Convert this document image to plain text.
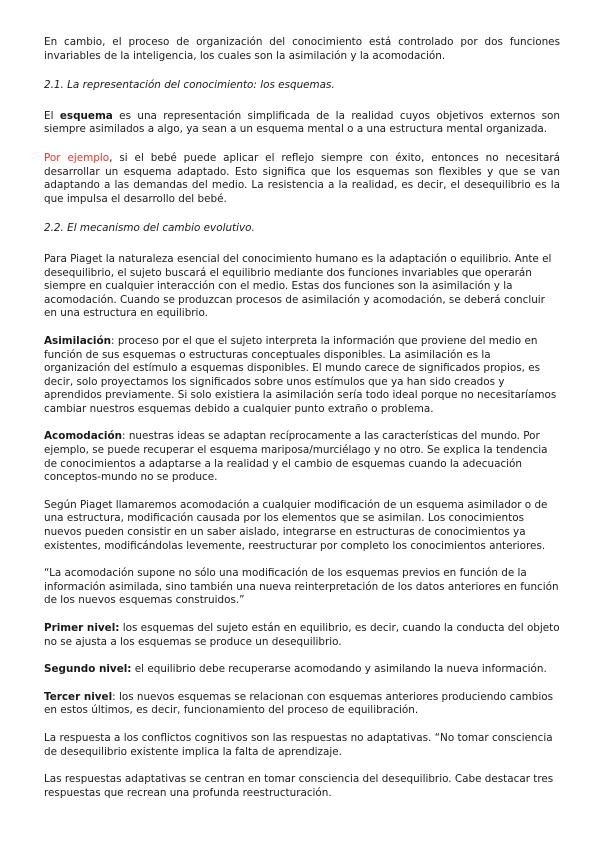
En cambio, el proceso de organización del conocimiento está controlado por dos funciones invariables de la inteligencia, los cuales son la asimilación y la acomodación.

2.1. La representación del conocimiento: los esquemas.

El esquema es una representación simplificada de la realidad cuyos objetivos externos son siempre asimilados a algo, ya sean a un esquema mental o a una estructura mental organizada.

Por ejemplo, si el bebé puede aplicar el reflejo siempre con éxito, entonces no necesitará desarrollar un esquema adaptado. Esto significa que los esquemas son flexibles y que se van adaptando a las demandas del medio. La resistencia a la realidad, es decir, el desequilibrio es la que impulsa el desarrollo del bebé.

2.2. El mecanismo del cambio evolutivo.

Para Piaget la naturaleza esencial del conocimiento humano es la adaptación o equilibrio. Ante el desequilibrio, el sujeto buscará el equilibrio mediante dos funciones invariables que operarán siempre en cualquier interacción con el medio. Estas dos funciones son la asimilación y la acomodación. Cuando se produzcan procesos de asimilación y acomodación, se deberá concluir en una estructura en equilibrio.

Asimilación: proceso por el que el sujeto interpreta la información que proviene del medio en función de sus esquemas o estructuras conceptuales disponibles. La asimilación es la organización del estímulo a esquemas disponibles. El mundo carece de significados propios, es decir, solo proyectamos los significados sobre unos estímulos que ya han sido creados y aprendidos previamente. Si solo existiera la asimilación sería todo ideal porque no necesitaríamos cambiar nuestros esquemas debido a cualquier punto extraño o problema.

Acomodación: nuestras ideas se adaptan recíprocamente a las características del mundo. Por ejemplo, se puede recuperar el esquema mariposa/murciélago y no otro. Se explica la tendencia de conocimientos a adaptarse a la realidad y el cambio de esquemas cuando la adecuación conceptos-mundo no se produce.

Según Piaget llamaremos acomodación a cualquier modificación de un esquema asimilador o de una estructura, modificación causada por los elementos que se asimilan. Los conocimientos nuevos pueden consistir en un saber aislado, integrarse en estructuras de conocimientos ya existentes, modificándolas levemente, reestructurar por completo los conocimientos anteriores.

“La acomodación supone no sólo una modificación de los esquemas previos en función de la información asimilada, sino también una nueva reinterpretación de los datos anteriores en función de los nuevos esquemas construidos.”

Primer nivel: los esquemas del sujeto están en equilibrio, es decir, cuando la conducta del objeto no se ajusta a los esquemas se produce un desequilibrio.

Segundo nivel: el equilibrio debe recuperarse acomodando y asimilando la nueva información.

Tercer nivel: los nuevos esquemas se relacionan con esquemas anteriores produciendo cambios en estos últimos, es decir, funcionamiento del proceso de equilibración.

La respuesta a los conflictos cognitivos son las respuestas no adaptativas. “No tomar consciencia de desequilibrio existente implica la falta de aprendizaje.

Las respuestas adaptativas se centran en tomar consciencia del desequilibrio. Cabe destacar tres respuestas que recrean una profunda reestructuración.
